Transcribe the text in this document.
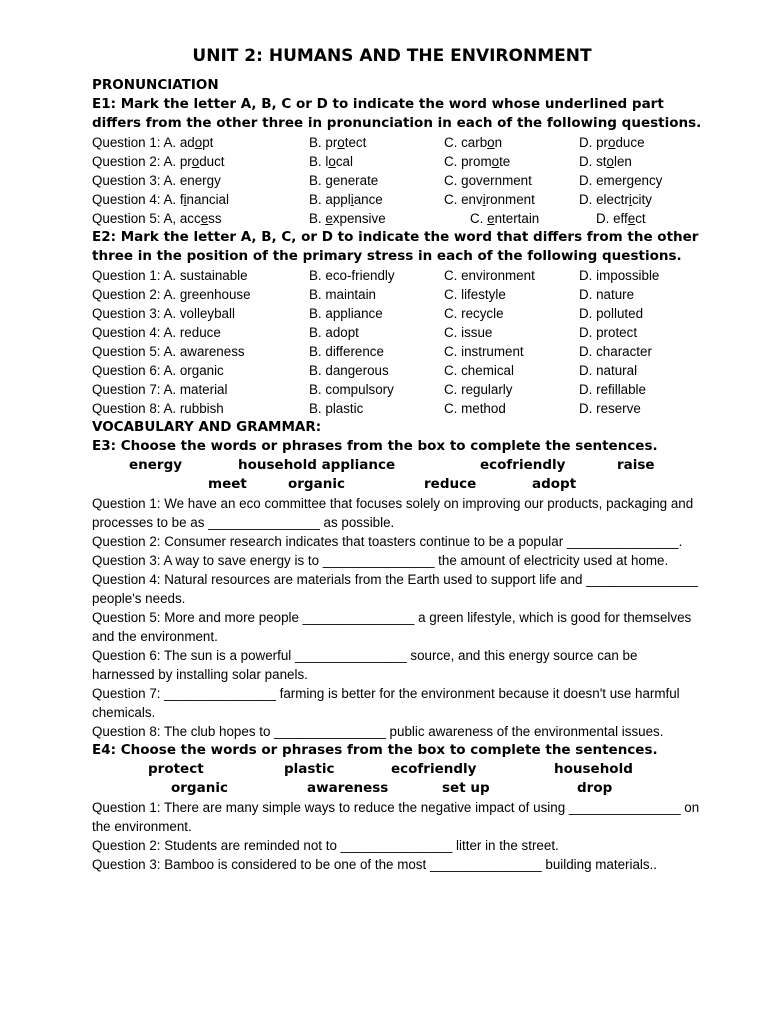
UNIT 2: HUMANS AND THE ENVIRONMENT
PRONUNCIATION
E1: Mark the letter A, B, C or D to indicate the word whose underlined part differs from the other three in pronunciation in each of the following questions.
Question 1: A. adopt	B. protect	C. carbon	D. produce
Question 2: A. product	B. local	C. promote	D. stolen
Question 3: A. energy	B. generate	C. government	D. emergency
Question 4: A. financial	B. appliance	C. environment	D. electricity
Question 5: A, access	B. expensive	C. entertain	D. effect
E2: Mark the letter A, B, C, or D to indicate the word that differs from the other three in the position of the primary stress in each of the following questions.
Question 1: A. sustainable	B. eco-friendly	C. environment	D. impossible
Question 2: A. greenhouse	B. maintain	C. lifestyle	D. nature
Question 3: A. volleyball	B. appliance	C. recycle	D. polluted
Question 4: A. reduce	B. adopt	C. issue	D. protect
Question 5: A. awareness	B. difference	C. instrument	D. character
Question 6: A. organic	B. dangerous	C. chemical	D. natural
Question 7: A. material	B. compulsory	C. regularly	D. refillable
Question 8: A. rubbish	B. plastic	C. method	D. reserve
VOCABULARY AND GRAMMAR:
E3: Choose the words or phrases from the box to complete the sentences.
energy	household appliance	ecofriendly	raise
meet	organic	reduce	adopt
Question 1: We have an eco committee that focuses solely on improving our products, packaging and processes to be as _______________ as possible.
Question 2: Consumer research indicates that toasters continue to be a popular _______________.
Question 3: A way to save energy is to _______________ the amount of electricity used at home.
Question 4: Natural resources are materials from the Earth used to support life and _______________ people's needs.
Question 5: More and more people _______________ a green lifestyle, which is good for themselves and the environment.
Question 6: The sun is a powerful _______________ source, and this energy source can be harnessed by installing solar panels.
Question 7: _______________ farming is better for the environment because it doesn't use harmful chemicals.
Question 8: The club hopes to _______________ public awareness of the environmental issues.
E4: Choose the words or phrases from the box to complete the sentences.
protect	plastic	ecofriendly	household
organic	awareness	set up	drop
Question 1: There are many simple ways to reduce the negative impact of using _______________ on the environment.
Question 2: Students are reminded not to _______________ litter in the street.
Question 3: Bamboo is considered to be one of the most _______________ building materials..
